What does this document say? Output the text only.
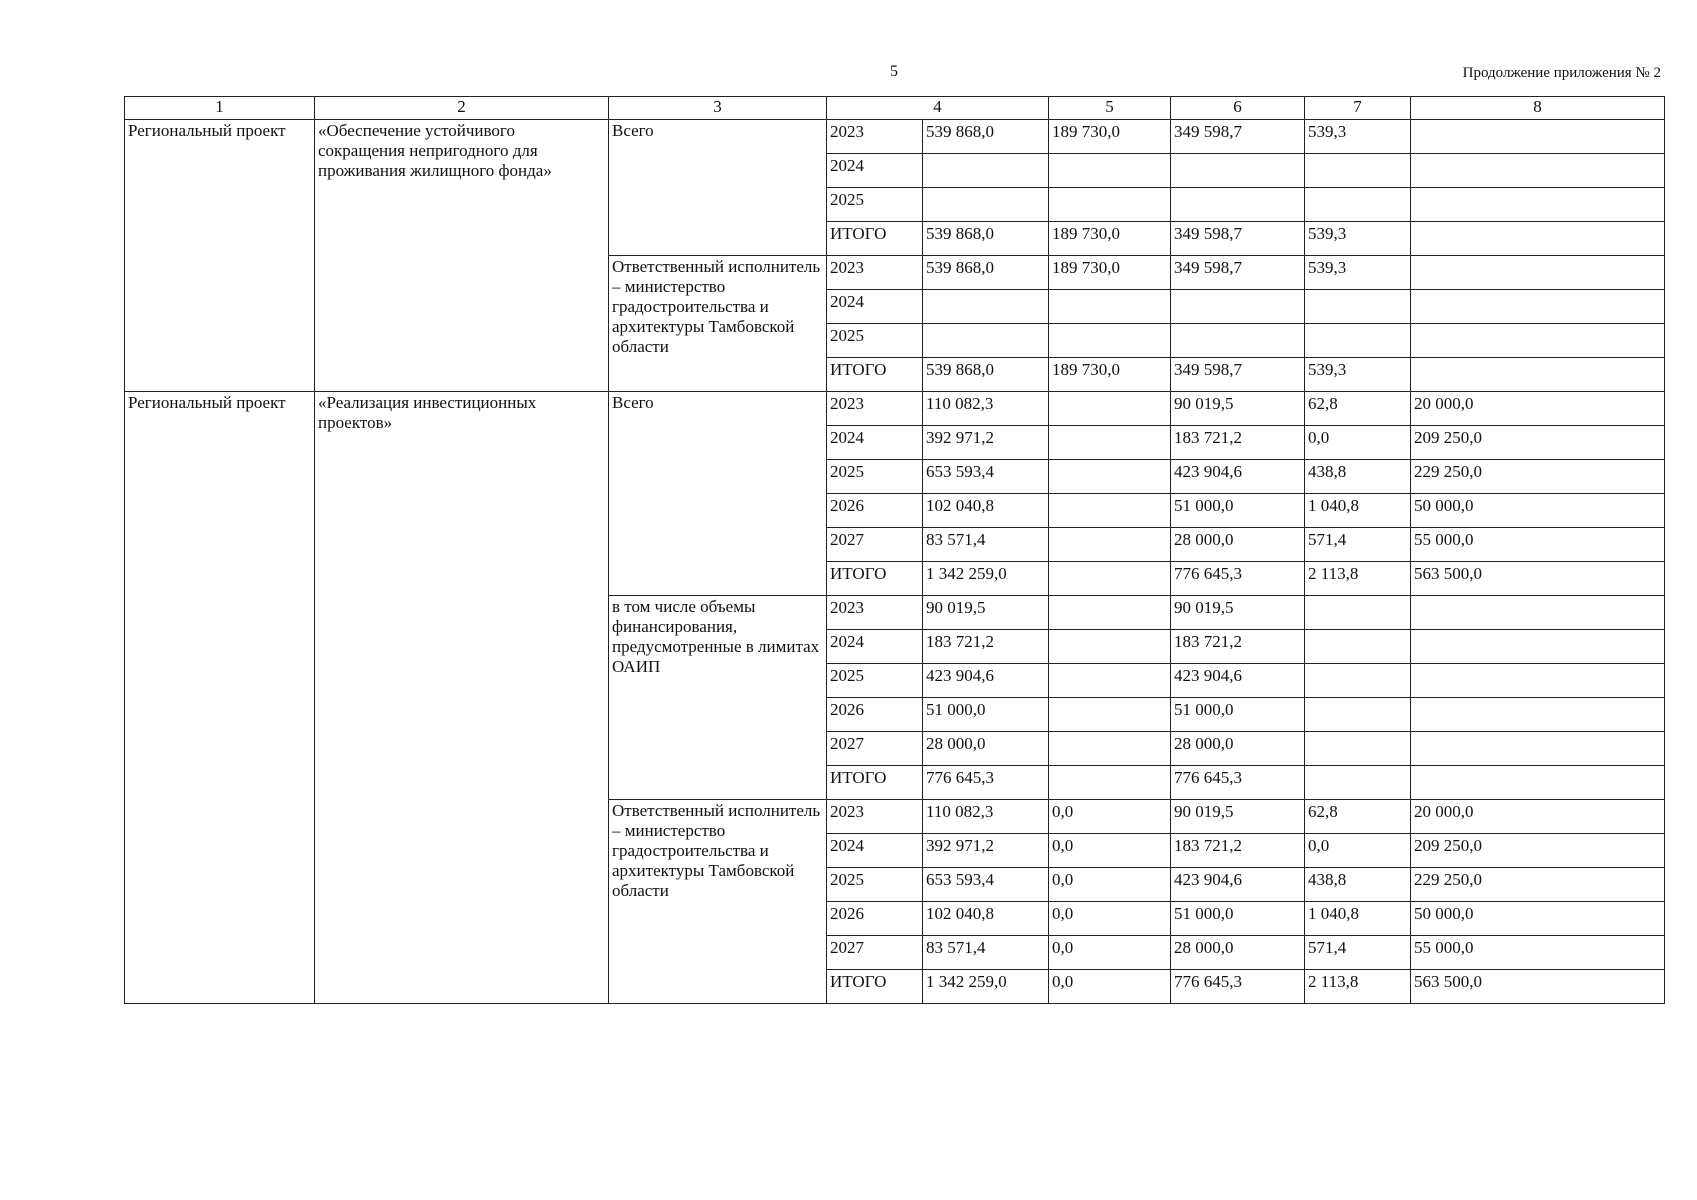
5	Продолжение приложения № 2
1	2	3	4		5	6	7	8
Региональный проект	«Обеспечение устойчивого сокращения непригодного для проживания жилищного фонда»	Всего	2023	539 868,0	189 730,0	349 598,7	539,3	
			2024					
			2025					
			ИТОГО	539 868,0	189 730,0	349 598,7	539,3	
		Ответственный исполнитель – министерство градостроительства и архитектуры Тамбовской области	2023	539 868,0	189 730,0	349 598,7	539,3	
			2024					
			2025					
			ИТОГО	539 868,0	189 730,0	349 598,7	539,3	
Региональный проект	«Реализация инвестиционных проектов»	Всего	2023	110 082,3		90 019,5	62,8	20 000,0
			2024	392 971,2		183 721,2	0,0	209 250,0
			2025	653 593,4		423 904,6	438,8	229 250,0
			2026	102 040,8		51 000,0	1 040,8	50 000,0
			2027	83 571,4		28 000,0	571,4	55 000,0
			ИТОГО	1 342 259,0		776 645,3	2 113,8	563 500,0
		в том числе объемы финансирования, предусмотренные в лимитах ОАИП	2023	90 019,5		90 019,5		
			2024	183 721,2		183 721,2		
			2025	423 904,6		423 904,6		
			2026	51 000,0		51 000,0		
			2027	28 000,0		28 000,0		
			ИТОГО	776 645,3		776 645,3		
		Ответственный исполнитель – министерство градостроительства и архитектуры Тамбовской области	2023	110 082,3	0,0	90 019,5	62,8	20 000,0
			2024	392 971,2	0,0	183 721,2	0,0	209 250,0
			2025	653 593,4	0,0	423 904,6	438,8	229 250,0
			2026	102 040,8	0,0	51 000,0	1 040,8	50 000,0
			2027	83 571,4	0,0	28 000,0	571,4	55 000,0
			ИТОГО	1 342 259,0	0,0	776 645,3	2 113,8	563 500,0
